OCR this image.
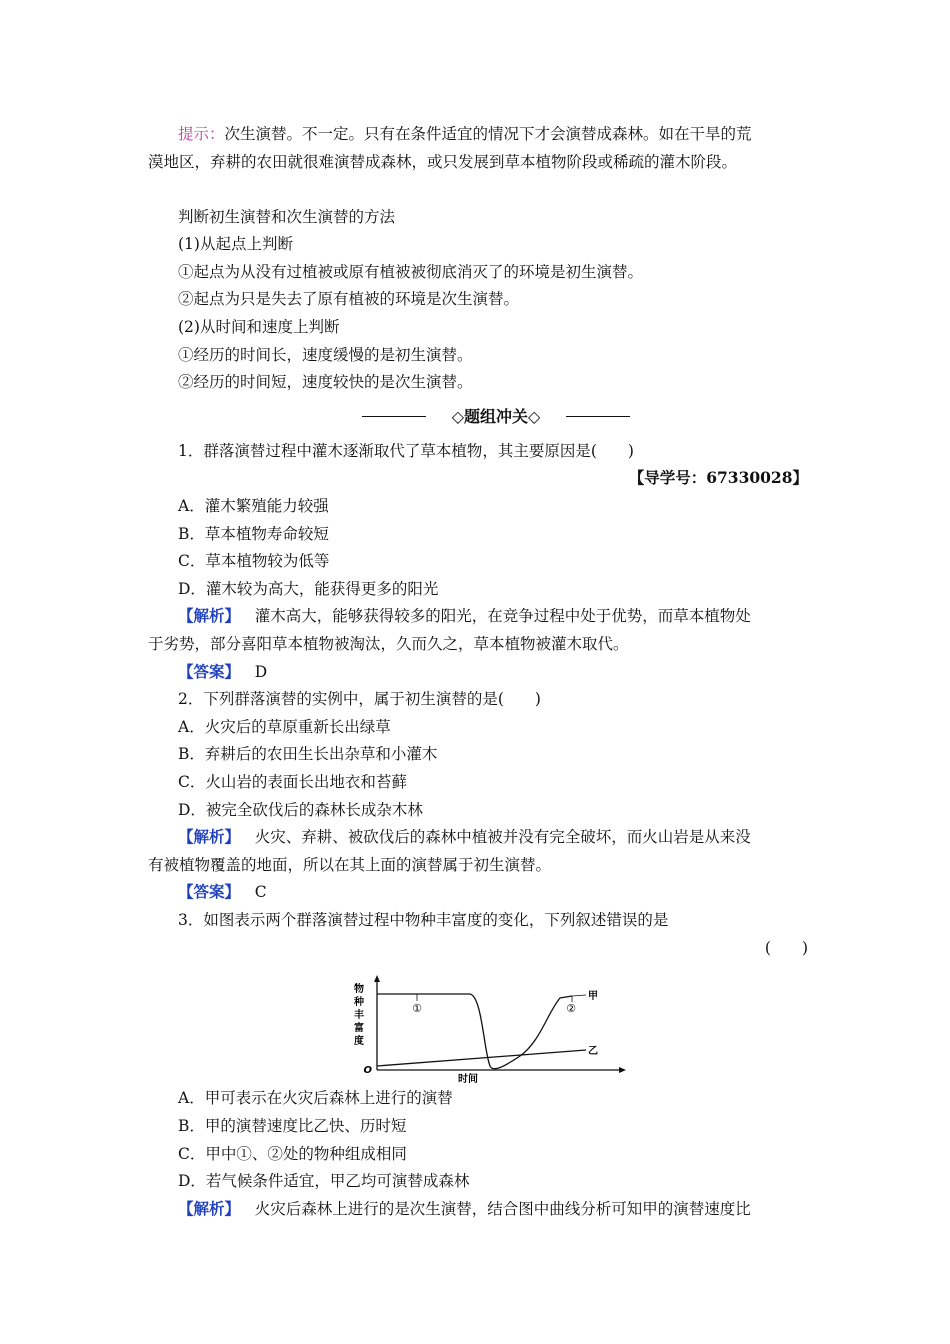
提示：次生演替。不一定。只有在条件适宜的情况下才会演替成森林。如在干旱的荒
漠地区，弃耕的农田就很难演替成森林，或只发展到草本植物阶段或稀疏的灌木阶段。
判断初生演替和次生演替的方法
(1)从起点上判断
①起点为从没有过植被或原有植被被彻底消灭了的环境是初生演替。
②起点为只是失去了原有植被的环境是次生演替。
(2)从时间和速度上判断
①经历的时间长，速度缓慢的是初生演替。
②经历的时间短，速度较快的是次生演替。
◇题组冲关◇
1．群落演替过程中灌木逐渐取代了草本植物，其主要原因是(　　)
【导学号：67330028】
A．灌木繁殖能力较强
B．草本植物寿命较短
C．草本植物较为低等
D．灌木较为高大，能获得更多的阳光
【解析】 灌木高大，能够获得较多的阳光，在竞争过程中处于优势，而草本植物处
于劣势，部分喜阳草本植物被淘汰，久而久之，草本植物被灌木取代。
【答案】 D
2．下列群落演替的实例中，属于初生演替的是(　　)
A．火灾后的草原重新长出绿草
B．弃耕后的农田生长出杂草和小灌木
C．火山岩的表面长出地衣和苔藓
D．被完全砍伐后的森林长成杂木林
【解析】 火灾、弃耕、被砍伐后的森林中植被并没有完全破坏，而火山岩是从来没
有被植物覆盖的地面，所以在其上面的演替属于初生演替。
【答案】 C
3．如图表示两个群落演替过程中物种丰富度的变化，下列叙述错误的是
(　　)
物
种
丰
富
度
O
时间
甲
乙
①	②
A．甲可表示在火灾后森林上进行的演替
B．甲的演替速度比乙快、历时短
C．甲中①、②处的物种组成相同
D．若气候条件适宜，甲乙均可演替成森林
【解析】 火灾后森林上进行的是次生演替，结合图中曲线分析可知甲的演替速度比
